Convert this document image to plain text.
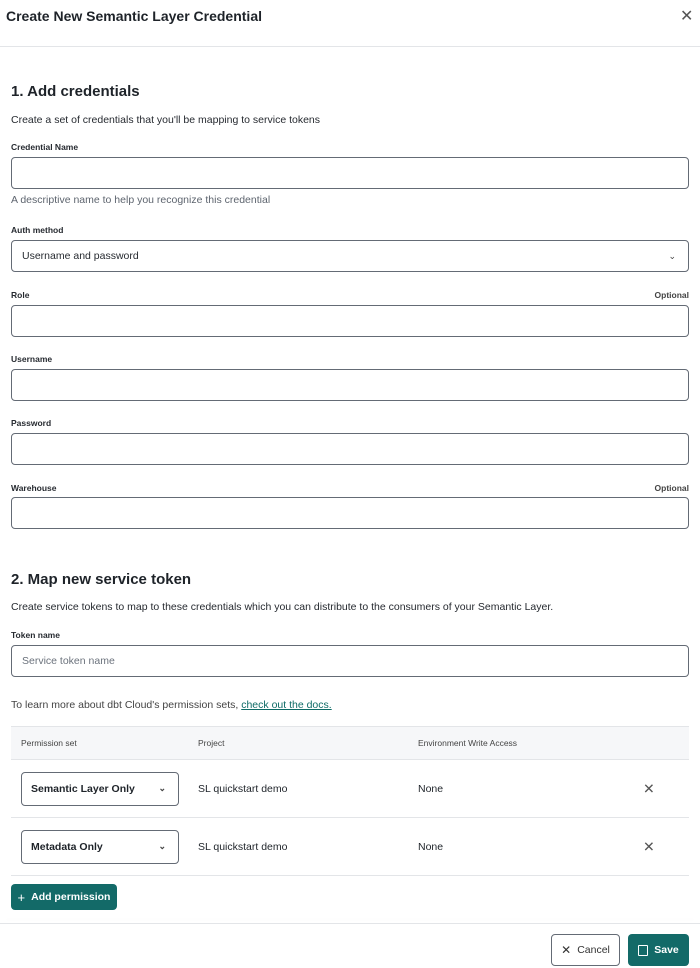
Create New Semantic Layer Credential	✕
1. Add credentials
Create a set of credentials that you'll be mapping to service tokens
Credential Name
A descriptive name to help you recognize this credential
Auth method
Username and password	⌄
Role	Optional
Username
Password
Warehouse	Optional
2. Map new service token
Create service tokens to map to these credentials which you can distribute to the consumers of your Semantic Layer.
Token name
Service token name
To learn more about dbt Cloud's permission sets, check out the docs.
Permission set	Project	Environment Write Access
Semantic Layer Only	⌄	SL quickstart demo	None	✕
Metadata Only	⌄	SL quickstart demo	None	✕
+ Add permission
✕ Cancel	Save
